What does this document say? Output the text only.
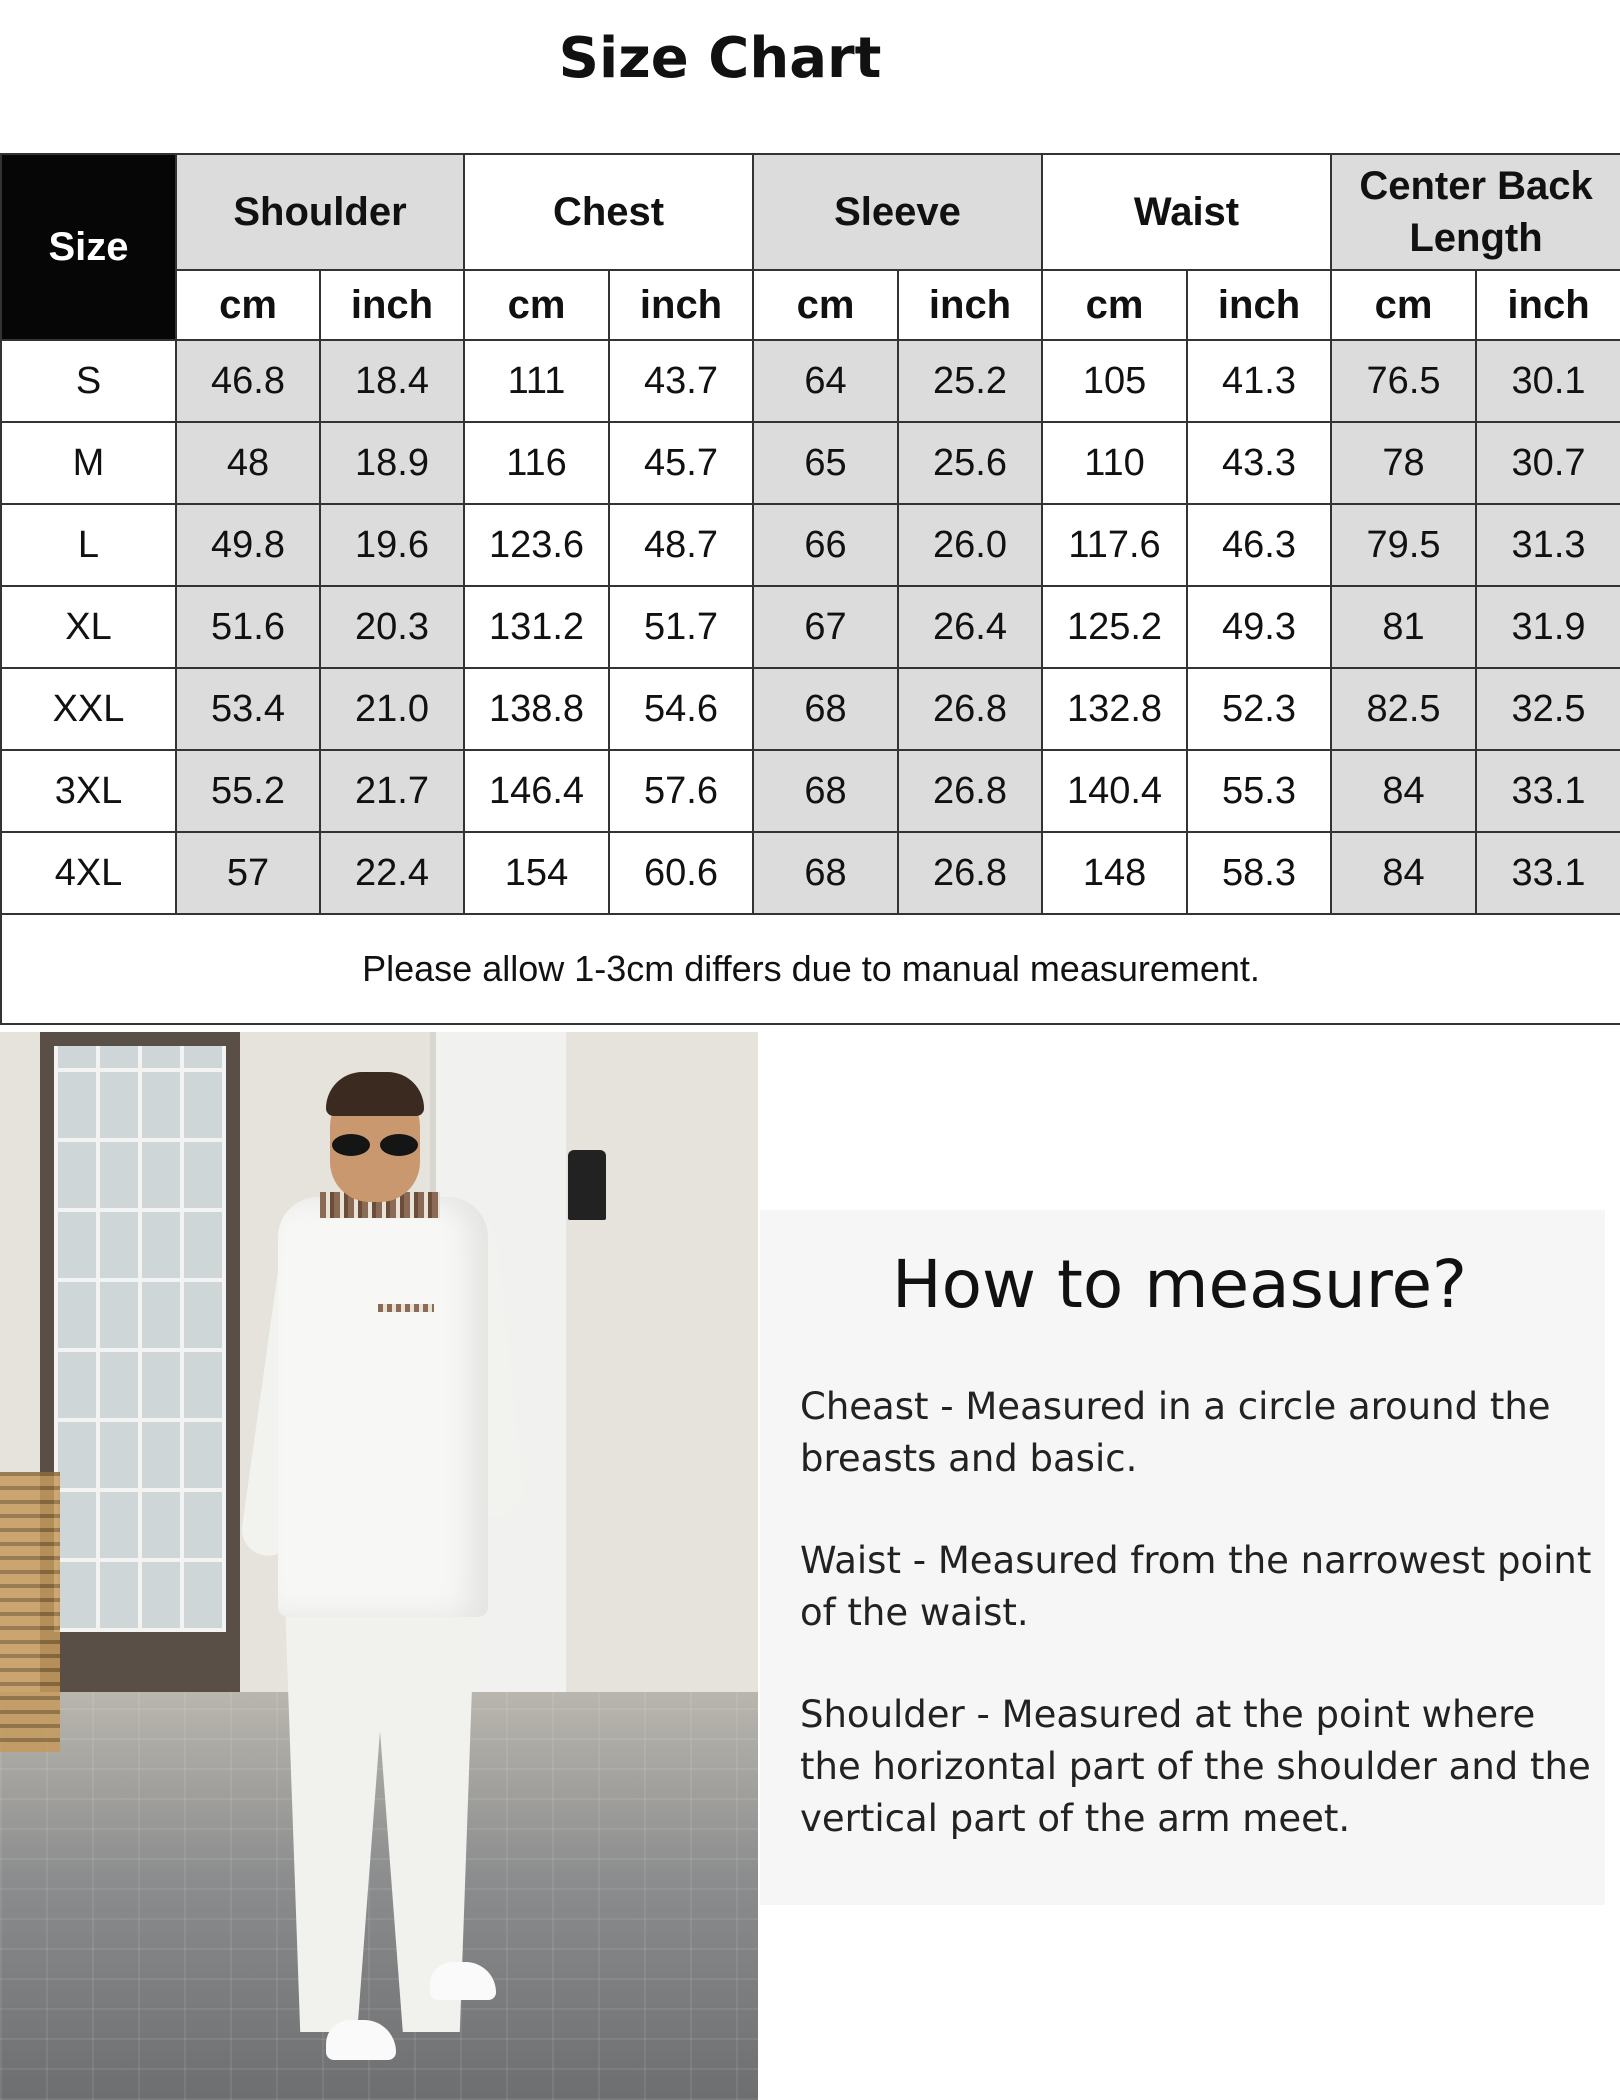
Size Chart
Size	Shoulder		Chest		Sleeve		Waist		Center Back Length	
	cm	inch	cm	inch	cm	inch	cm	inch	cm	inch
S	46.8	18.4	111	43.7	64	25.2	105	41.3	76.5	30.1
M	48	18.9	116	45.7	65	25.6	110	43.3	78	30.7
L	49.8	19.6	123.6	48.7	66	26.0	117.6	46.3	79.5	31.3
XL	51.6	20.3	131.2	51.7	67	26.4	125.2	49.3	81	31.9
XXL	53.4	21.0	138.8	54.6	68	26.8	132.8	52.3	82.5	32.5
3XL	55.2	21.7	146.4	57.6	68	26.8	140.4	55.3	84	33.1
4XL	57	22.4	154	60.6	68	26.8	148	58.3	84	33.1
Please allow 1-3cm differs due to manual measurement.										
How to measure?

Cheast - Measured in a circle around the breasts and basic.

Waist - Measured from the narrowest point of the waist.

Shoulder - Measured at the point where the horizontal part of the shoulder and the vertical part of the arm meet.
